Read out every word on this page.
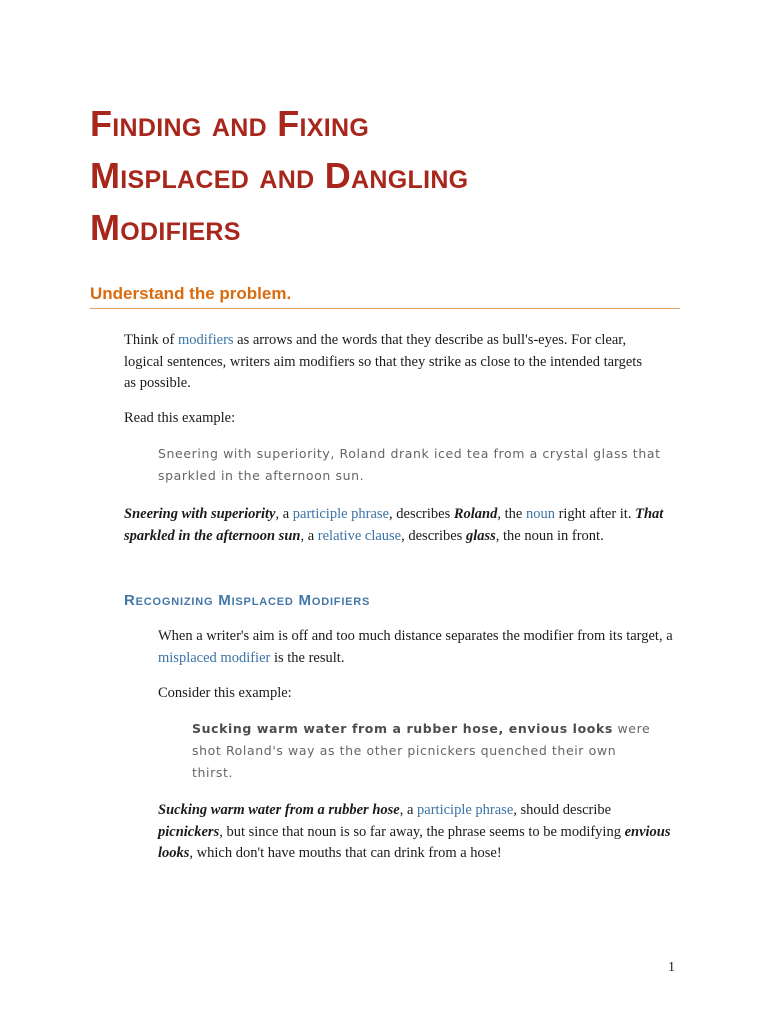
Finding and Fixing
Misplaced and Dangling
Modifiers
Understand the problem.

Think of modifiers as arrows and the words that they describe as bull's-eyes. For clear, logical sentences, writers aim modifiers so that they strike as close to the intended targets as possible.

Read this example:

Sneering with superiority, Roland drank iced tea from a crystal glass that sparkled in the afternoon sun.

Sneering with superiority, a participle phrase, describes Roland, the noun right after it. That sparkled in the afternoon sun, a relative clause, describes glass, the noun in front.

Recognizing Misplaced Modifiers

When a writer's aim is off and too much distance separates the modifier from its target, a misplaced modifier is the result.

Consider this example:

Sucking warm water from a rubber hose, envious looks were shot Roland's way as the other picnickers quenched their own thirst.

Sucking warm water from a rubber hose, a participle phrase, should describe picnickers, but since that noun is so far away, the phrase seems to be modifying envious looks, which don't have mouths that can drink from a hose!

1
